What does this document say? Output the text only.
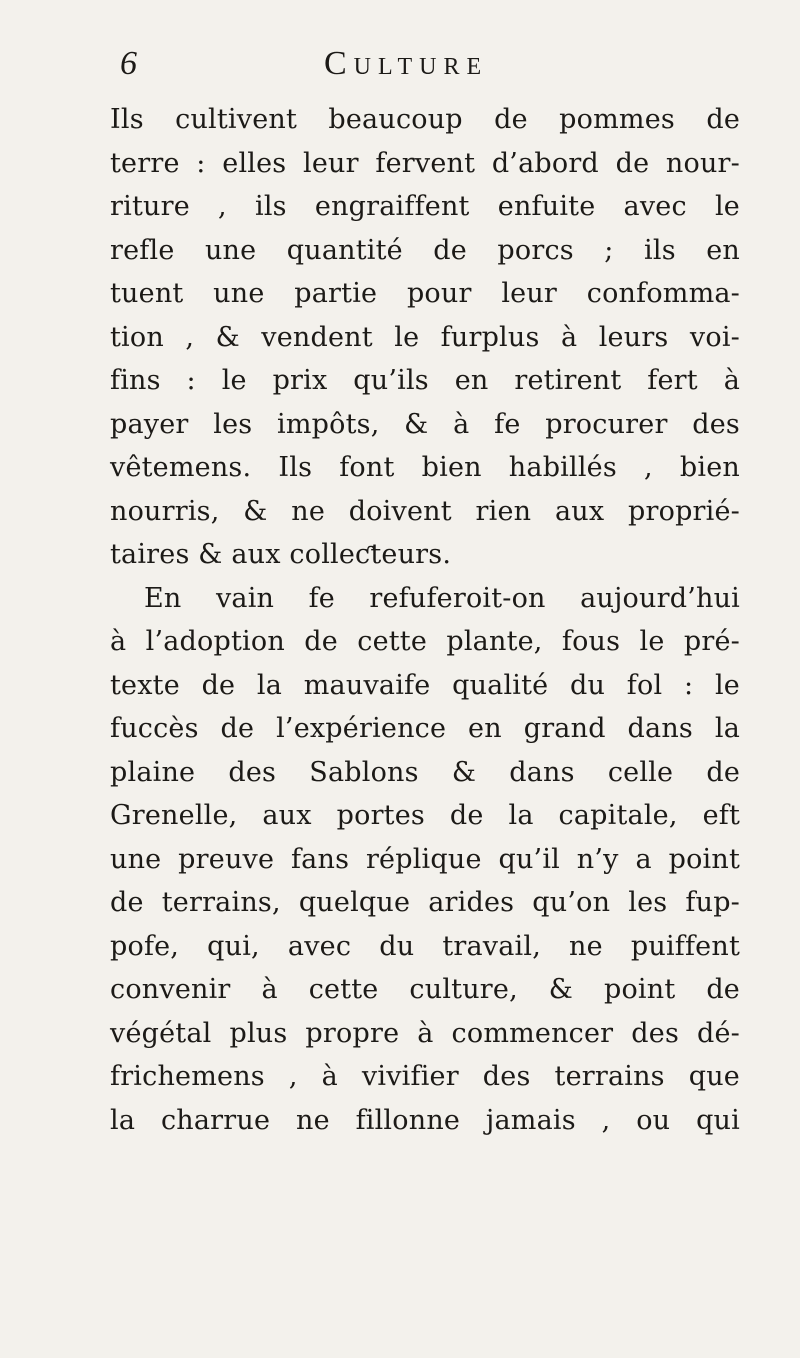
6	Culture
Ils cultivent beaucoup de pommes de
terre : elles leur fervent d’abord de nour-
riture , ils engraiffent enfuite avec le
refle une quantité de porcs ; ils en
tuent une partie pour leur confomma-
tion , & vendent le furplus à leurs voi-
fins : le prix qu’ils en retirent fert à
payer les impôts, & à fe procurer des
vêtemens. Ils font bien habillés , bien
nourris, & ne doivent rien aux proprié-
taires & aux colleƈteurs.
En vain fe refuferoit-on aujourd’hui
à l’adoption de cette plante, fous le pré-
texte de la mauvaife qualité du fol : le
fuccès de l’expérience en grand dans la
plaine des Sablons & dans celle de
Grenelle, aux portes de la capitale, eft
une preuve fans réplique qu’il n’y a point
de terrains, quelque arides qu’on les fup-
pofe, qui, avec du travail, ne puiffent
convenir à cette culture, & point de
végétal plus propre à commencer des dé-
frichemens , à vivifier des terrains que
la charrue ne fillonne jamais , ou qui
